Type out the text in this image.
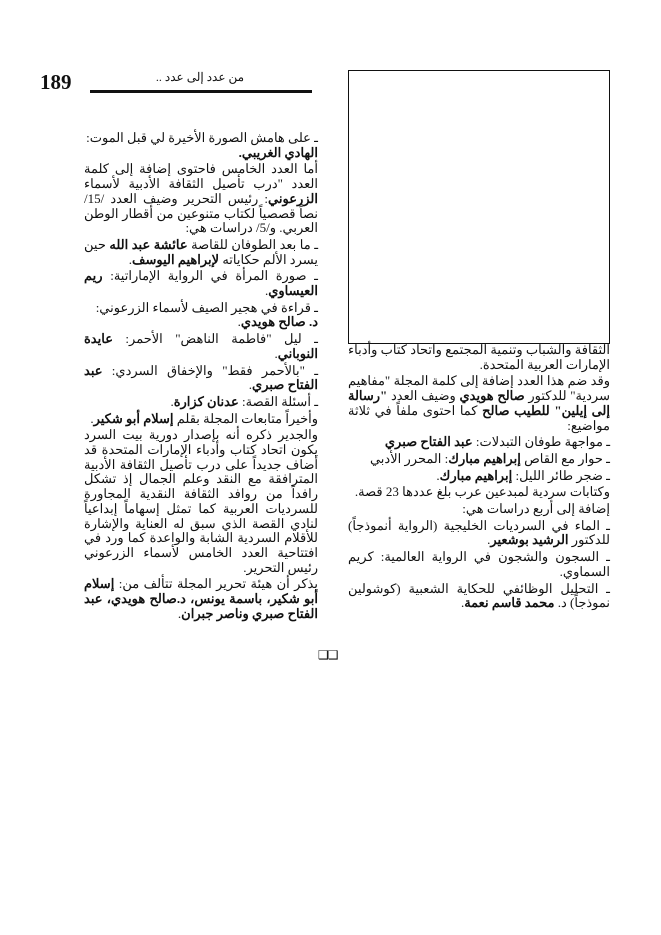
189	من عدد إلى عدد ..

ـ على هامش الصورة الأخيرة لي قبل الموت:
الهادي الغريبي.

أما العدد الخامس فاحتوى إضافة إلى كلمة العدد "درب تأصيل الثقافة الأدبية لأسماء الزرعوني: رئيس التحرير وضيف العدد /15/ نصاً قصصياً لكتاب متنوعين من أقطار الوطن العربي. و/5/ دراسات هي:

ـ ما بعد الطوفان للقاصة عائشة عبد الله حين يسرد الألم حكاياته لإبراهيم اليوسف.

ـ صورة المرأة في الرواية الإماراتية: ريم العيساوي.

ـ قراءة في هجير الصيف لأسماء الزرعوني:
د. صالح هويدي.

ـ ليل "فاطمة الناهض" الأحمر: عايدة النوباني.

ـ "بالأحمر فقط" والإخفاق السردي: عبد الفتاح صبري.

ـ أسئلة القصة: عدنان كزارة.

وأخيراً متابعات المجلة بقلم إسلام أبو شكير.

والجدير ذكره أنه بإصدار دورية بيت السرد يكون اتحاد كتاب وأدباء الإمارات المتحدة قد أضاف جديداً على درب تأصيل الثقافة الأدبية المترافقة مع النقد وعلم الجمال إذ تشكل رافداً من روافد الثقافة النقدية المجاورة للسرديات العربية كما تمثل إسهاماً إبداعياً لنادي القصة الذي سبق له العناية والإشارة للأقلام السردية الشابة والواعدة كما ورد في افتتاحية العدد الخامس لأسماء الزرعوني رئيس التحرير.

يذكر أن هيئة تحرير المجلة تتألف من: إسلام أبو شكير، باسمة يونس، د.صالح هويدي، عبد الفتاح صبري وناصر جبران.

الثقافة والشباب وتنمية المجتمع واتحاد كتاب وأدباء الإمارات العربية المتحدة.

وقد ضم هذا العدد إضافة إلى كلمة المجلة "مفاهيم سردية" للدكتور صالح هويدي وضيف العدد "رسالة إلى إيلين" للطيب صالح كما احتوى ملفاً في ثلاثة مواضيع:

ـ مواجهة طوفان التبدلات: عبد الفتاح صبري

ـ حوار مع القاص إبراهيم مبارك: المحرر الأدبي

ـ ضجر طائر الليل: إبراهيم مبارك.

وكتابات سردية لمبدعين عرب بلغ عددها 23 قصة.

إضافة إلى أربع دراسات هي:

ـ الماء في السرديات الخليجية (الرواية أنموذجاً) للدكتور الرشيد بوشعير.

ـ السجون والشجون في الرواية العالمية: كريم السماوي.

ـ التحليل الوظائفي للحكاية الشعبية (كوشولين نموذجاً) د. محمد قاسم نعمة.

❑❑
